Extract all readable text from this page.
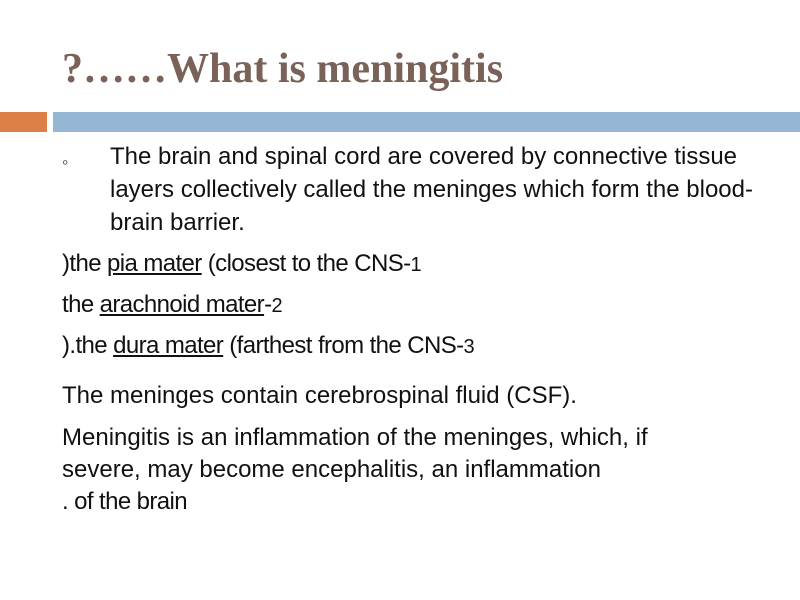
?……What is meningitis
◦ The brain and spinal cord are covered by connective tissue layers collectively called the meninges which form the blood-brain barrier.

)the pia mater (closest to the CNS-1

the arachnoid mater-2

).the dura mater (farthest from the CNS-3

The meninges contain cerebrospinal fluid (CSF).

Meningitis is an inflammation of the meninges, which, if

severe, may become encephalitis, an inflammation

. of the brain
